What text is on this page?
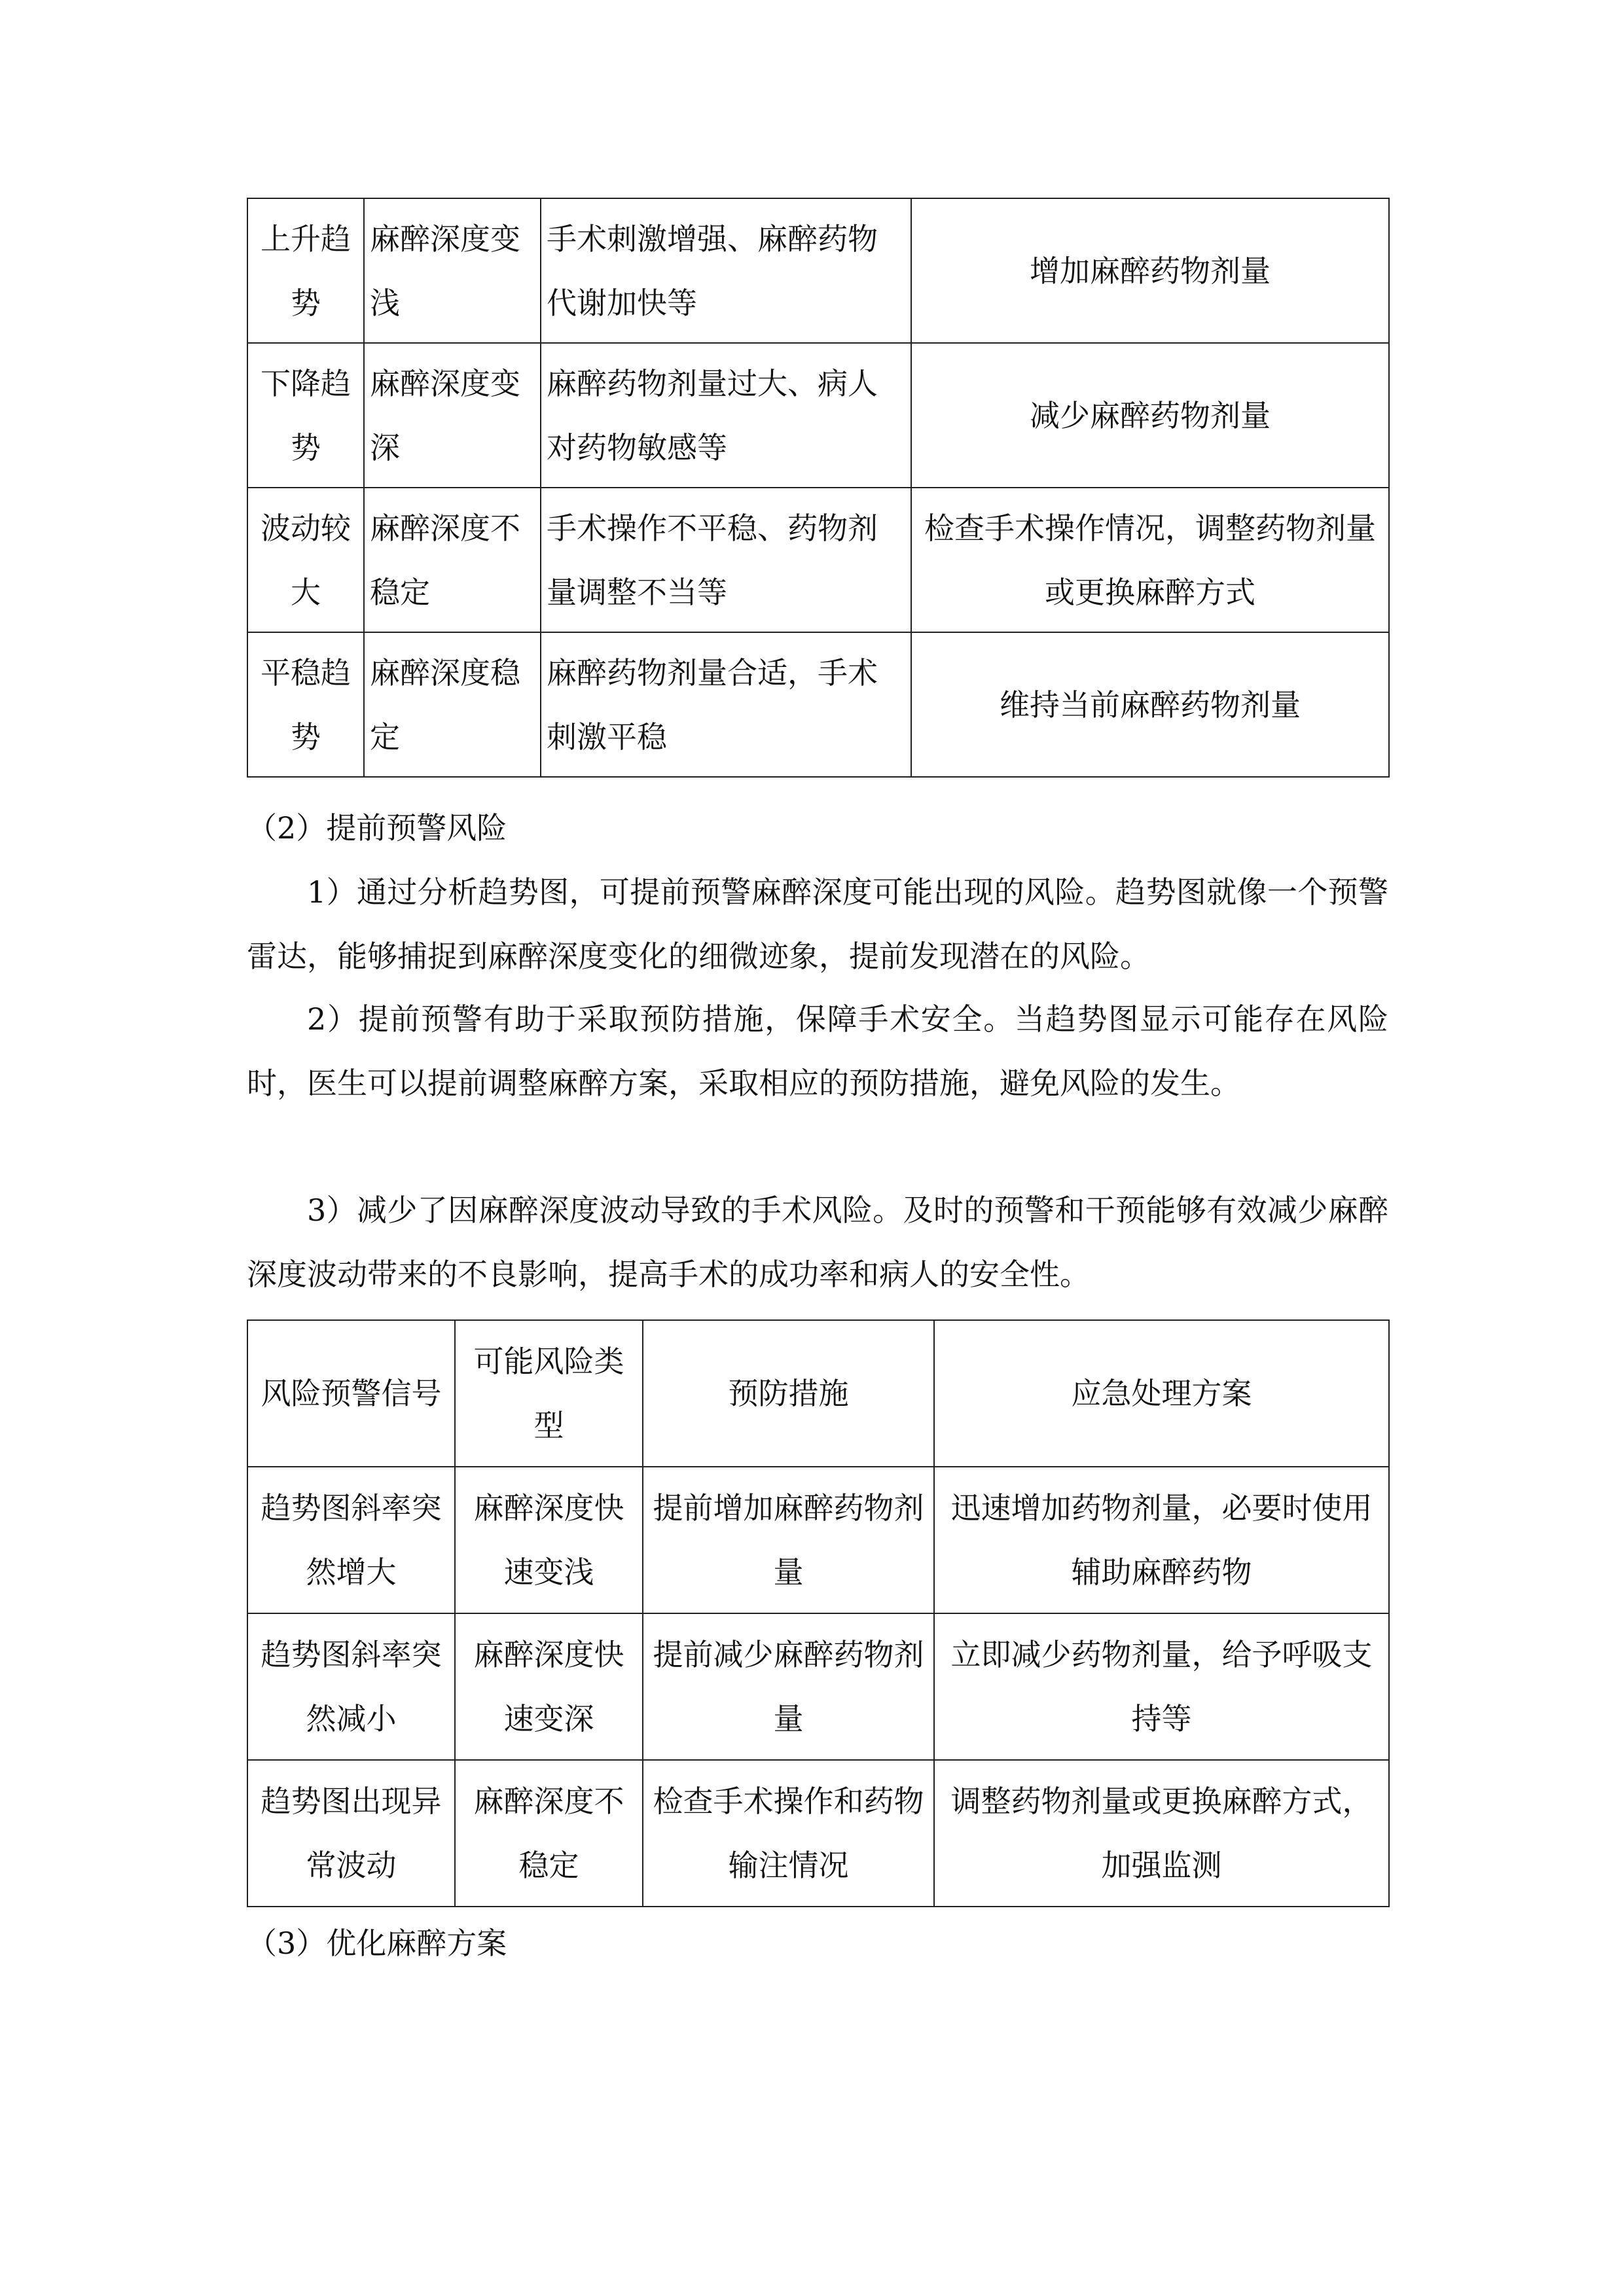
上升趋势	麻醉深度变浅	手术刺激增强、麻醉药物代谢加快等	增加麻醉药物剂量
下降趋势	麻醉深度变深	麻醉药物剂量过大、病人对药物敏感等	减少麻醉药物剂量
波动较大	麻醉深度不稳定	手术操作不平稳、药物剂量调整不当等	检查手术操作情况，调整药物剂量或更换麻醉方式
平稳趋势	麻醉深度稳定	麻醉药物剂量合适，手术刺激平稳	维持当前麻醉药物剂量

（2）提前预警风险

1）通过分析趋势图，可提前预警麻醉深度可能出现的风险。趋势图就像一个预警雷达，能够捕捉到麻醉深度变化的细微迹象，提前发现潜在的风险。

2）提前预警有助于采取预防措施，保障手术安全。当趋势图显示可能存在风险时，医生可以提前调整麻醉方案，采取相应的预防措施，避免风险的发生。

3）减少了因麻醉深度波动导致的手术风险。及时的预警和干预能够有效减少麻醉深度波动带来的不良影响，提高手术的成功率和病人的安全性。

风险预警信号	可能风险类型	预防措施	应急处理方案
趋势图斜率突然增大	麻醉深度快速变浅	提前增加麻醉药物剂量	迅速增加药物剂量，必要时使用辅助麻醉药物
趋势图斜率突然减小	麻醉深度快速变深	提前减少麻醉药物剂量	立即减少药物剂量，给予呼吸支持等
趋势图出现异常波动	麻醉深度不稳定	检查手术操作和药物输注情况	调整药物剂量或更换麻醉方式，加强监测

（3）优化麻醉方案
